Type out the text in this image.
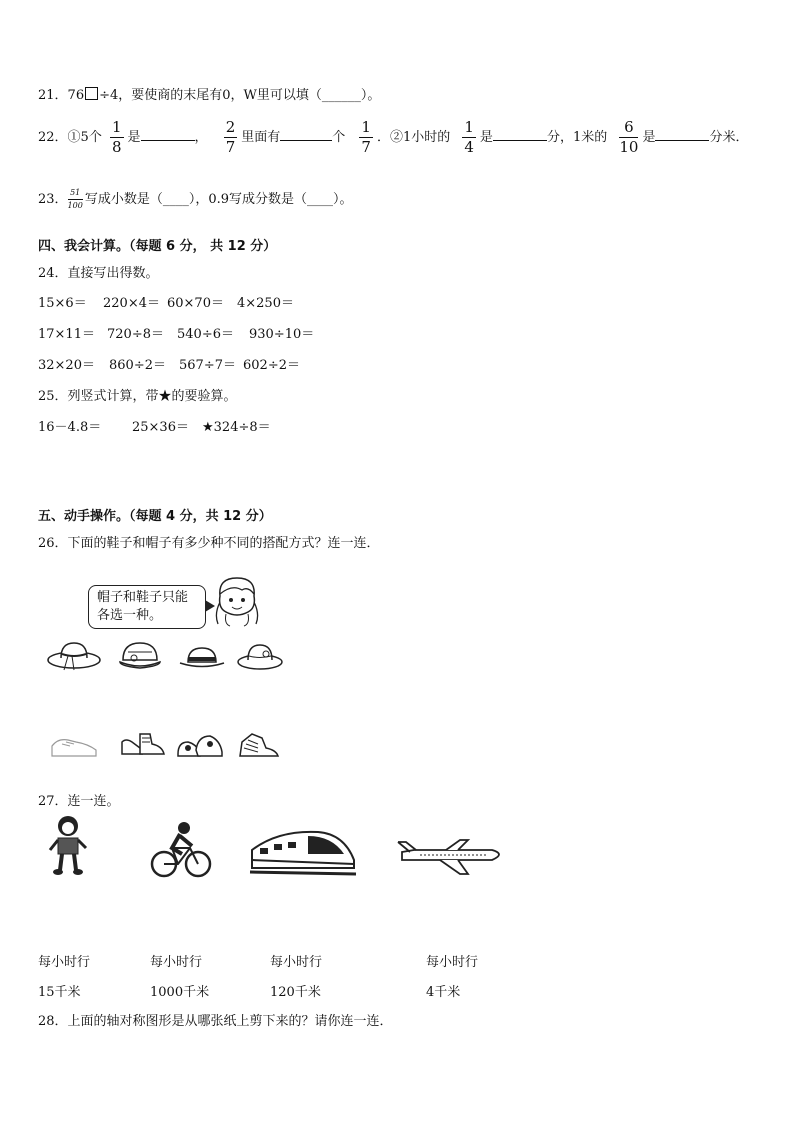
21．76 ÷4，要使商的末尾有0，W里可以填（______）。
22．①5个 $\frac{1}{8}$ 是	， $\frac{2}{7}$ 里面有	个 $\frac{1}{7}$ ．②1小时的 $\frac{1}{4}$ 是	分，1米的 $\frac{6}{10}$ 是	分米．
23． $\frac{51}{100}$ 写成小数是（____），0.9写成分数是（____）。
四、我会计算。（每题 6 分， 共 12 分）
24．直接写出得数。
15×6＝ 220×4＝ 60×70＝ 4×250＝
17×11＝ 720÷8＝ 540÷6＝ 930÷10＝
32×20＝ 860÷2＝ 567÷7＝ 602÷2＝
25．列竖式计算，带★的要验算。
16－4.8＝ 25×36＝ ★324÷8＝
五、动手操作。（每题 4 分，共 12 分）
26．下面的鞋子和帽子有多少种不同的搭配方式？连一连．
帽子和鞋子只能
各选一种。
27．连一连。
每小时行
15千米
每小时行
1000千米
每小时行
120千米
每小时行
4千米
28．上面的轴对称图形是从哪张纸上剪下来的？请你连一连．
